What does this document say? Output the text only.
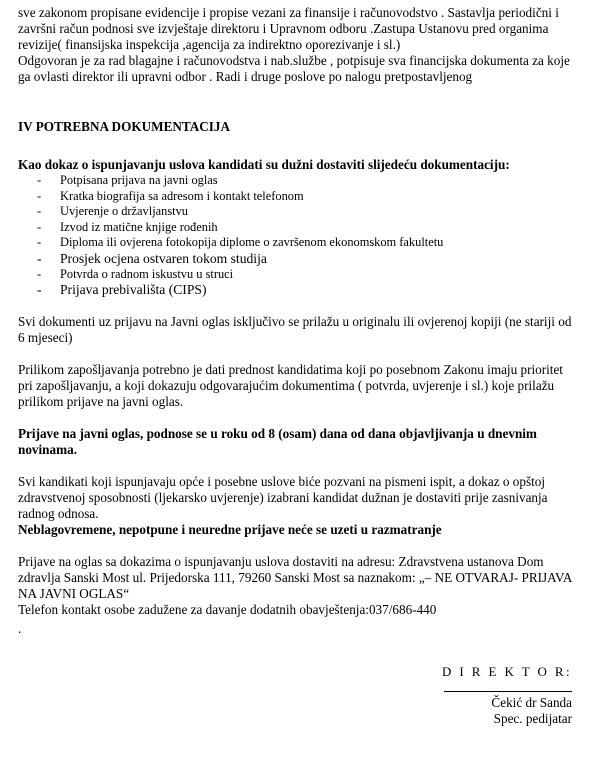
sve zakonom propisane evidencije i propise vezani za finansije i računovodstvo . Sastavlja periodični i završni račun podnosi sve izvještaje direktoru i Upravnom odboru .Zastupa Ustanovu pred organima revizije( finansijska inspekcija ,agencija za indirektno oporezivanje i sl.)

Odgovoran je za rad blagajne i računovodstva i nab.službe , potpisuje sva financijska dokumenta za koje ga ovlasti direktor ili upravni odbor . Radi i druge poslove po nalogu pretpostavljenog

IV POTREBNA DOKUMENTACIJA

Kao dokaz o ispunjavanju uslova kandidati su dužni dostaviti slijedeću dokumentaciju:

-	Potpisana prijava na javni oglas
-	Kratka biografija sa adresom i kontakt telefonom
-	Uvjerenje o državljanstvu
-	Izvod iz matične knjige rođenih
-	Diploma ili ovjerena fotokopija diplome o završenom ekonomskom fakultetu
-	Prosjek ocjena ostvaren tokom studija
-	Potvrda o radnom iskustvu u struci
-	Prijava prebivališta (CIPS)

Svi dokumenti uz prijavu na Javni oglas isključivo se prilažu u originalu ili ovjerenoj kopiji (ne stariji od 6 mjeseci)

Prilikom zapošljavanja potrebno je dati prednost kandidatima koji po posebnom Zakonu imaju prioritet pri zapošljavanju, a koji dokazuju odgovarajućim dokumentima ( potvrda, uvjerenje i sl.) koje prilažu prilikom prijave na javni oglas.

Prijave na javni oglas, podnose se u roku od 8 (osam) dana od dana objavljivanja u dnevnim novinama.

Svi kandikati koji ispunjavaju opće i posebne uslove biće pozvani na pismeni ispit, a dokaz o opštoj zdravstvenoj sposobnosti (ljekarsko uvjerenje) izabrani kandidat dužnan je dostaviti prije zasnivanja radnog odnosa.

Neblagovremene, nepotpune i neuredne prijave neće se uzeti u razmatranje

Prijave na oglas sa dokazima o ispunjavanju uslova dostaviti na adresu: Zdravstvena ustanova Dom zdravlja Sanski Most ul. Prijedorska 111, 79260 Sanski Most sa naznakom: „– NE OTVARAJ- PRIJAVA NA JAVNI OGLAS“

Telefon kontakt osobe zadužene za davanje dodatnih obavještenja:037/686-440

.
D I R E K T O R:
Čekić dr Sanda
Spec. pedijatar
